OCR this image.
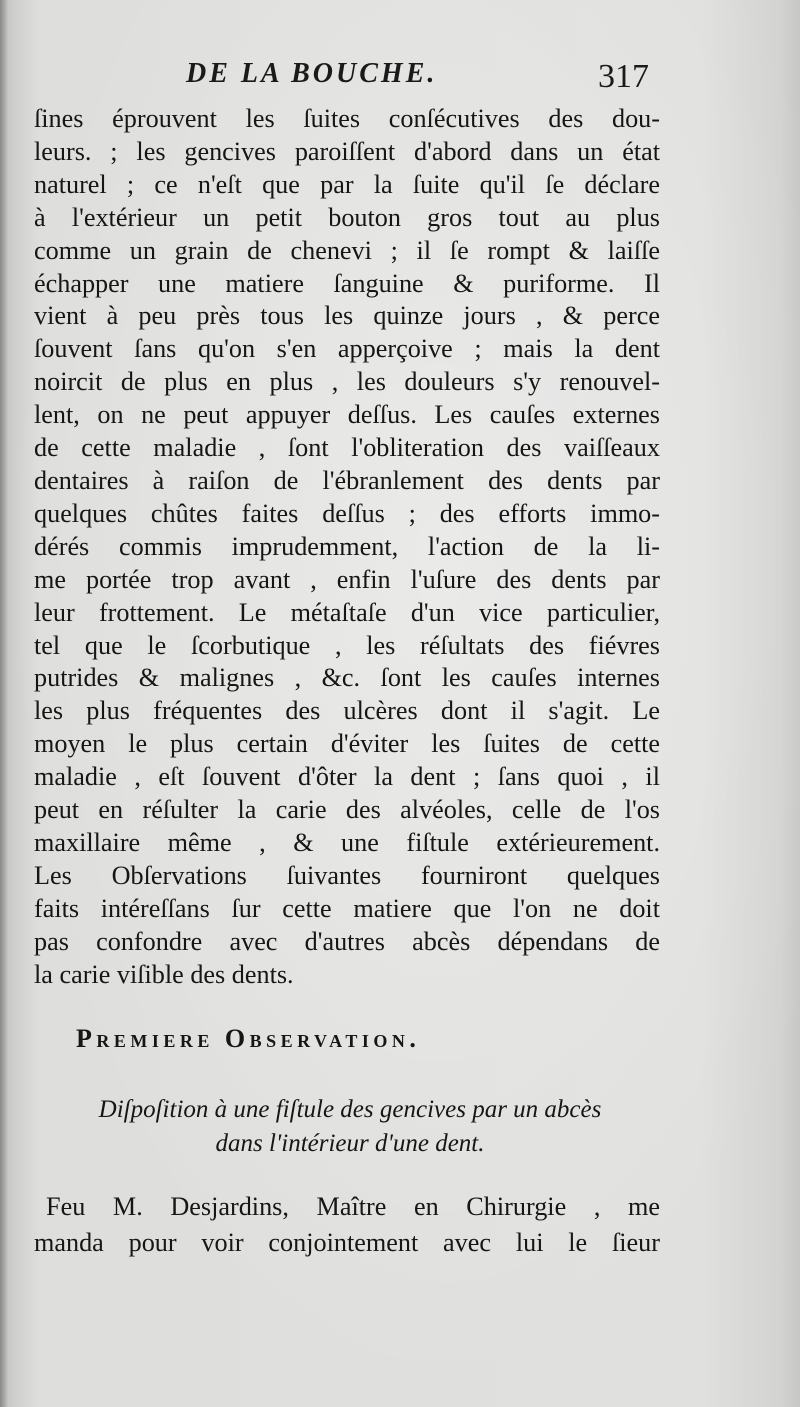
DE LA BOUCHE.	317
ſines éprouvent les ſuites conſécutives des dou-
leurs. ; les gencives paroiſſent d'abord dans un état
naturel ; ce n'eſt que par la ſuite qu'il ſe déclare
à l'extérieur un petit bouton gros tout au plus
comme un grain de chenevi ; il ſe rompt & laiſſe
échapper une matiere ſanguine & puriforme. Il
vient à peu près tous les quinze jours , & perce
ſouvent ſans qu'on s'en apperçoive ; mais la dent
noircit de plus en plus , les douleurs s'y renouvel-
lent, on ne peut appuyer deſſus. Les cauſes externes
de cette maladie , ſont l'obliteration des vaiſſeaux
dentaires à raiſon de l'ébranlement des dents par
quelques chûtes faites deſſus ; des efforts immo-
dérés commis imprudemment, l'action de la li-
me portée trop avant , enfin l'uſure des dents par
leur frottement. Le métaſtaſe d'un vice particulier,
tel que le ſcorbutique , les réſultats des fiévres
putrides & malignes , &c. ſont les cauſes internes
les plus fréquentes des ulcères dont il s'agit. Le
moyen le plus certain d'éviter les ſuites de cette
maladie , eſt ſouvent d'ôter la dent ; ſans quoi , il
peut en réſulter la carie des alvéoles, celle de l'os
maxillaire même , & une fiſtule extérieurement.
Les Obſervations ſuivantes fourniront quelques
faits intéreſſans ſur cette matiere que l'on ne doit
pas confondre avec d'autres abcès dépendans de
la carie viſible des dents.
Premiere Observation.
Diſpoſition à une fiſtule des gencives par un abcès
dans l'intérieur d'une dent.
Feu M. Desjardins, Maître en Chirurgie , me
manda pour voir conjointement avec lui le ſieur
